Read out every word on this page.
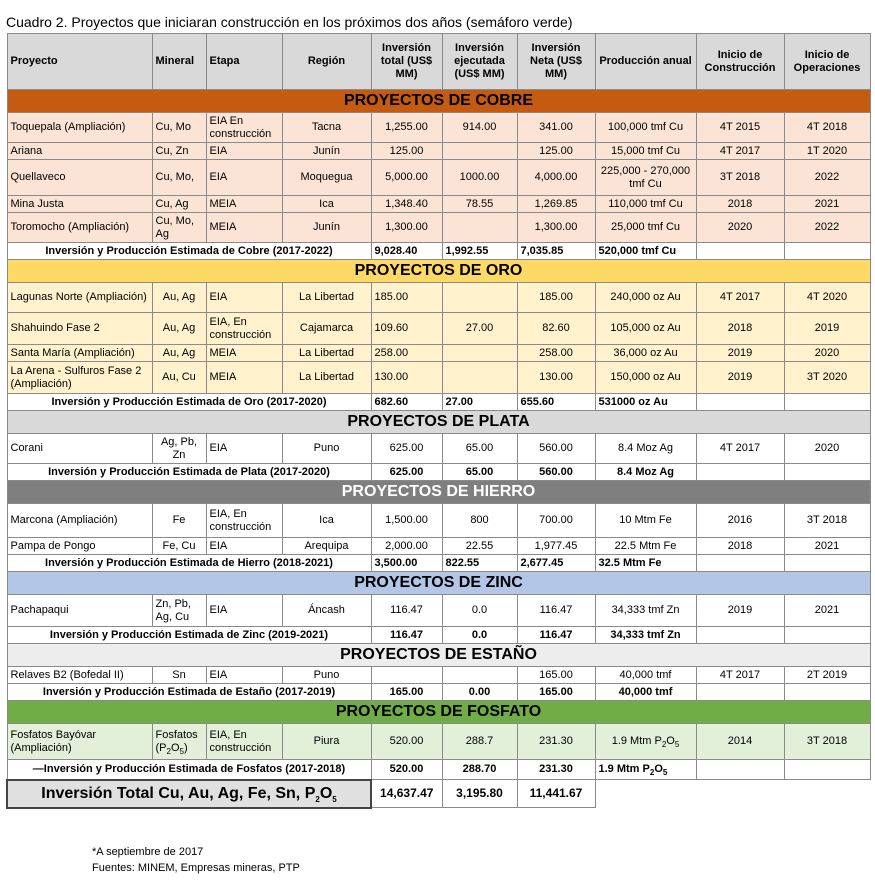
Cuadro 2. Proyectos que iniciaran construcción en los próximos dos años (semáforo verde)
Proyecto	Mineral	Etapa	Región	Inversión total (US$ MM)	Inversión ejecutada (US$ MM)	Inversión Neta (US$ MM)	Producción anual	Inicio de Construcción	Inicio de Operaciones
PROYECTOS DE COBRE									
Toquepala (Ampliación)	Cu, Mo	EIA En construcción	Tacna	1,255.00	914.00	341.00	100,000 tmf Cu	4T 2015	4T 2018
Ariana	Cu, Zn	EIA	Junín	125.00		125.00	15,000 tmf Cu	4T 2017	1T 2020
Quellaveco	Cu, Mo,	EIA	Moquegua	5,000.00	1000.00	4,000.00	225,000 - 270,000 tmf Cu	3T 2018	2022
Mina Justa	Cu, Ag	MEIA	Ica	1,348.40	78.55	1,269.85	110,000 tmf Cu	2018	2021
Toromocho (Ampliación)	Cu, Mo, Ag	MEIA	Junín	1,300.00		1,300.00	25,000 tmf Cu	2020	2022
Inversión y Producción Estimada de Cobre (2017-2022)				9,028.40	1,992.55	7,035.85	520,000 tmf Cu		
PROYECTOS DE ORO									
Lagunas Norte (Ampliación)	Au, Ag	EIA	La Libertad	185.00		185.00	240,000 oz Au	4T 2017	4T 2020
Shahuindo Fase 2	Au, Ag	EIA, En construcción	Cajamarca	109.60	27.00	82.60	105,000 oz Au	2018	2019
Santa María (Ampliación)	Au, Ag	MEIA	La Libertad	258.00		258.00	36,000 oz Au	2019	2020
La Arena - Sulfuros Fase 2 (Ampliación)	Au, Cu	MEIA	La Libertad	130.00		130.00	150,000 oz Au	2019	3T 2020
Inversión y Producción Estimada de Oro (2017-2020)				682.60	27.00	655.60	531000 oz Au		
PROYECTOS DE PLATA									
Corani	Ag, Pb, Zn	EIA	Puno	625.00	65.00	560.00	8.4 Moz Ag	4T 2017	2020
Inversión y Producción Estimada de Plata (2017-2020)				625.00	65.00	560.00	8.4 Moz Ag		
PROYECTOS DE HIERRO									
Marcona (Ampliación)	Fe	EIA, En construcción	Ica	1,500.00	800	700.00	10 Mtm Fe	2016	3T 2018
Pampa de Pongo	Fe, Cu	EIA	Arequipa	2,000.00	22.55	1,977.45	22.5 Mtm Fe	2018	2021
Inversión y Producción Estimada de Hierro (2018-2021)				3,500.00	822.55	2,677.45	32.5 Mtm Fe		
PROYECTOS DE ZINC									
Pachapaqui	Zn, Pb, Ag, Cu	EIA	Áncash	116.47	0.0	116.47	34,333 tmf Zn	2019	2021
Inversión y Producción Estimada de Zinc (2019-2021)				116.47	0.0	116.47	34,333 tmf Zn		
PROYECTOS DE ESTAÑO									
Relaves B2 (Bofedal II)	Sn	EIA	Puno			165.00	40,000 tmf	4T 2017	2T 2019
Inversión y Producción Estimada de Estaño (2017-2019)				165.00	0.00	165.00	40,000 tmf		
PROYECTOS DE FOSFATO									
Fosfatos Bayóvar (Ampliación)	Fosfatos $(P_2O_5)$	EIA, En construcción	Piura	520.00	288.7	231.30	1.9 Mtm $P_2O_5$	2014	3T 2018
—Inversión y Producción Estimada de Fosfatos (2017-2018)				520.00	288.70	231.30	1.9 Mtm $P_2O_5$		
Inversión Total Cu, Au, Ag, Fe, Sn, $P_2O_5$				14,637.47	3,195.80	11,441.67			
*A septiembre de 2017
Fuentes: MINEM, Empresas mineras, PTP
